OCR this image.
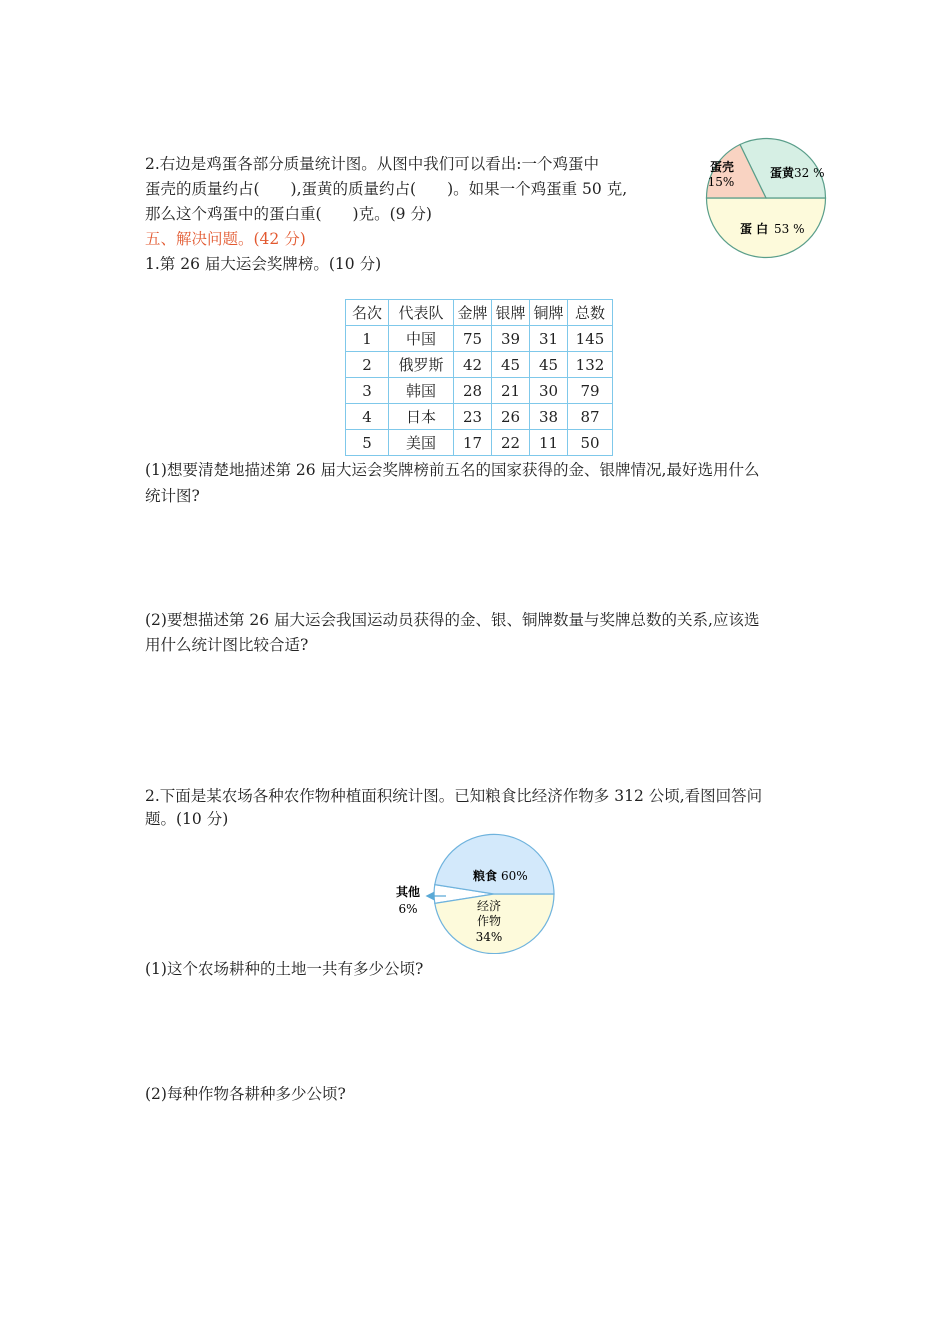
2.右边是鸡蛋各部分质量统计图。从图中我们可以看出:一个鸡蛋中
蛋壳的质量约占(　　),蛋黄的质量约占(　　)。如果一个鸡蛋重 50 克,
那么这个鸡蛋中的蛋白重(　　)克。(9 分)
蛋壳
15%
蛋黄 32 %
蛋 白 53 %
五、解决问题。(42 分)
1.第 26 届大运会奖牌榜。(10 分)
名次	代表队	金牌	银牌	铜牌	总数
1	中国	75	39	31	145
2	俄罗斯	42	45	45	132
3	韩国	28	21	30	79
4	日本	23	26	38	87
5	美国	17	22	11	50
(1)想要清楚地描述第 26 届大运会奖牌榜前五名的国家获得的金、银牌情况,最好选用什么
统计图?
(2)要想描述第 26 届大运会我国运动员获得的金、银、铜牌数量与奖牌总数的关系,应该选
用什么统计图比较合适?
2.下面是某农场各种农作物种植面积统计图。已知粮食比经济作物多 312 公顷,看图回答问
题。(10 分)
粮食 60%
经济
作物
34%
其他
6%
(1)这个农场耕种的土地一共有多少公顷?
(2)每种作物各耕种多少公顷?
